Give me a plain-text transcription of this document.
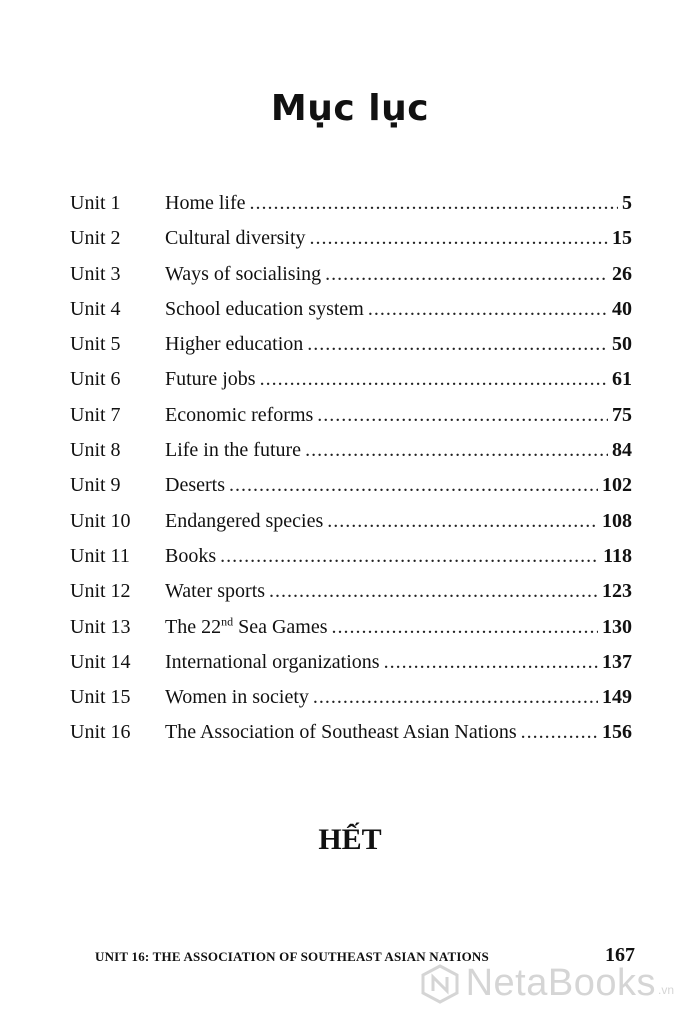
Mục lục
Unit 1	Home life .....	5
Unit 2	Cultural diversity .....	15
Unit 3	Ways of socialising .....	26
Unit 4	School education system .....	40
Unit 5	Higher education .....	50
Unit 6	Future jobs .....	61
Unit 7	Economic reforms .....	75
Unit 8	Life in the future .....	84
Unit 9	Deserts .....	102
Unit 10	Endangered species .....	108
Unit 11	Books .....	118
Unit 12	Water sports .....	123
Unit 13	The 22nd Sea Games .....	130
Unit 14	International organizations .....	137
Unit 15	Women in society .....	149
Unit 16	The Association of Southeast Asian Nations .....	156
HẾT
UNIT 16: THE ASSOCIATION OF SOUTHEAST ASIAN NATIONS	167
NetaBooks .vn
